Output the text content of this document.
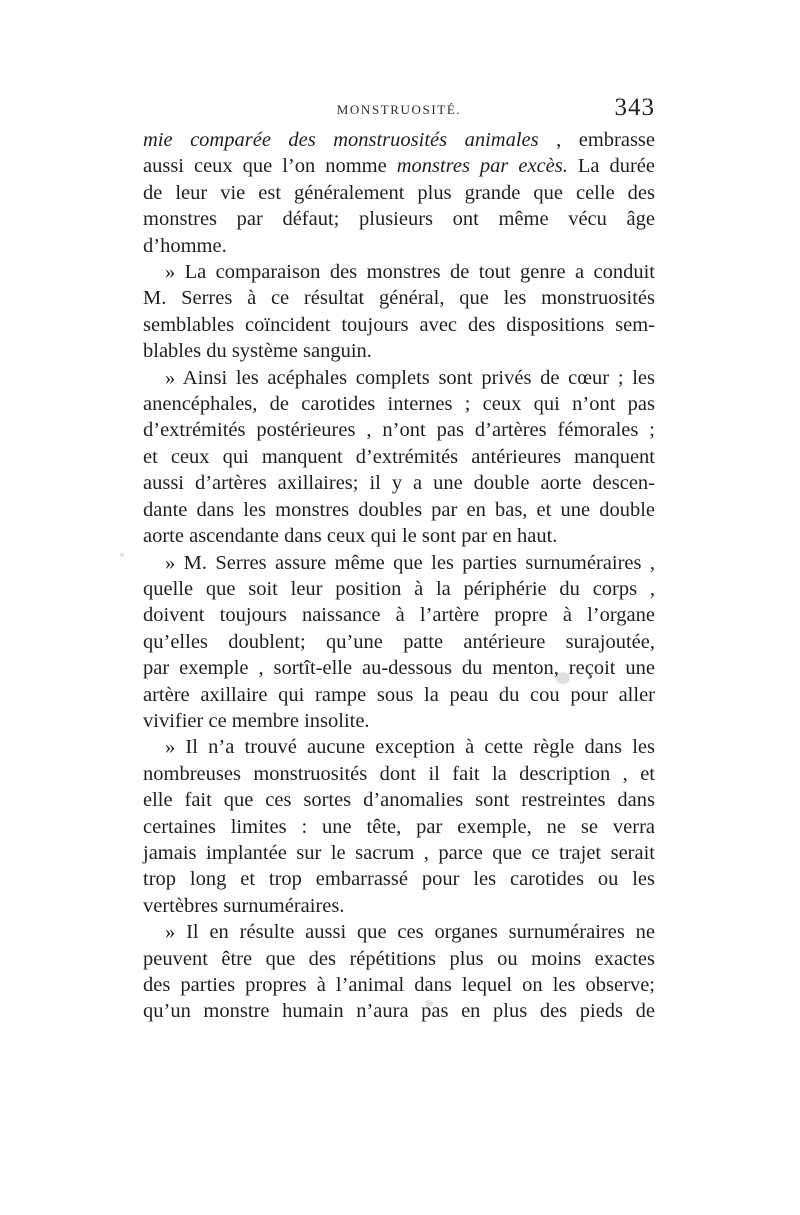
MONSTRUOSITÉ.	343
mie comparée des monstruosités animales , embrasse
aussi ceux que l’on nomme monstres par excès. La durée
de leur vie est généralement plus grande que celle des
monstres par défaut; plusieurs ont même vécu âge
d’homme.
» La comparaison des monstres de tout genre a conduit
M. Serres à ce résultat général, que les monstruosités
semblables coïncident toujours avec des dispositions sem-
blables du système sanguin.
» Ainsi les acéphales complets sont privés de cœur ; les
anencéphales, de carotides internes ; ceux qui n’ont pas
d’extrémités postérieures , n’ont pas d’artères fémorales ;
et ceux qui manquent d’extrémités antérieures manquent
aussi d’artères axillaires; il y a une double aorte descen-
dante dans les monstres doubles par en bas, et une double
aorte ascendante dans ceux qui le sont par en haut.
» M. Serres assure même que les parties surnuméraires ,
quelle que soit leur position à la périphérie du corps ,
doivent toujours naissance à l’artère propre à l’organe
qu’elles doublent; qu’une patte antérieure surajoutée,
par exemple , sortît-elle au-dessous du menton, reçoit une
artère axillaire qui rampe sous la peau du cou pour aller
vivifier ce membre insolite.
» Il n’a trouvé aucune exception à cette règle dans les
nombreuses monstruosités dont il fait la description , et
elle fait que ces sortes d’anomalies sont restreintes dans
certaines limites : une tête, par exemple, ne se verra
jamais implantée sur le sacrum , parce que ce trajet serait
trop long et trop embarrassé pour les carotides ou les
vertèbres surnuméraires.
» Il en résulte aussi que ces organes surnuméraires ne
peuvent être que des répétitions plus ou moins exactes
des parties propres à l’animal dans lequel on les observe;
qu’un monstre humain n’aura pas en plus des pieds de
